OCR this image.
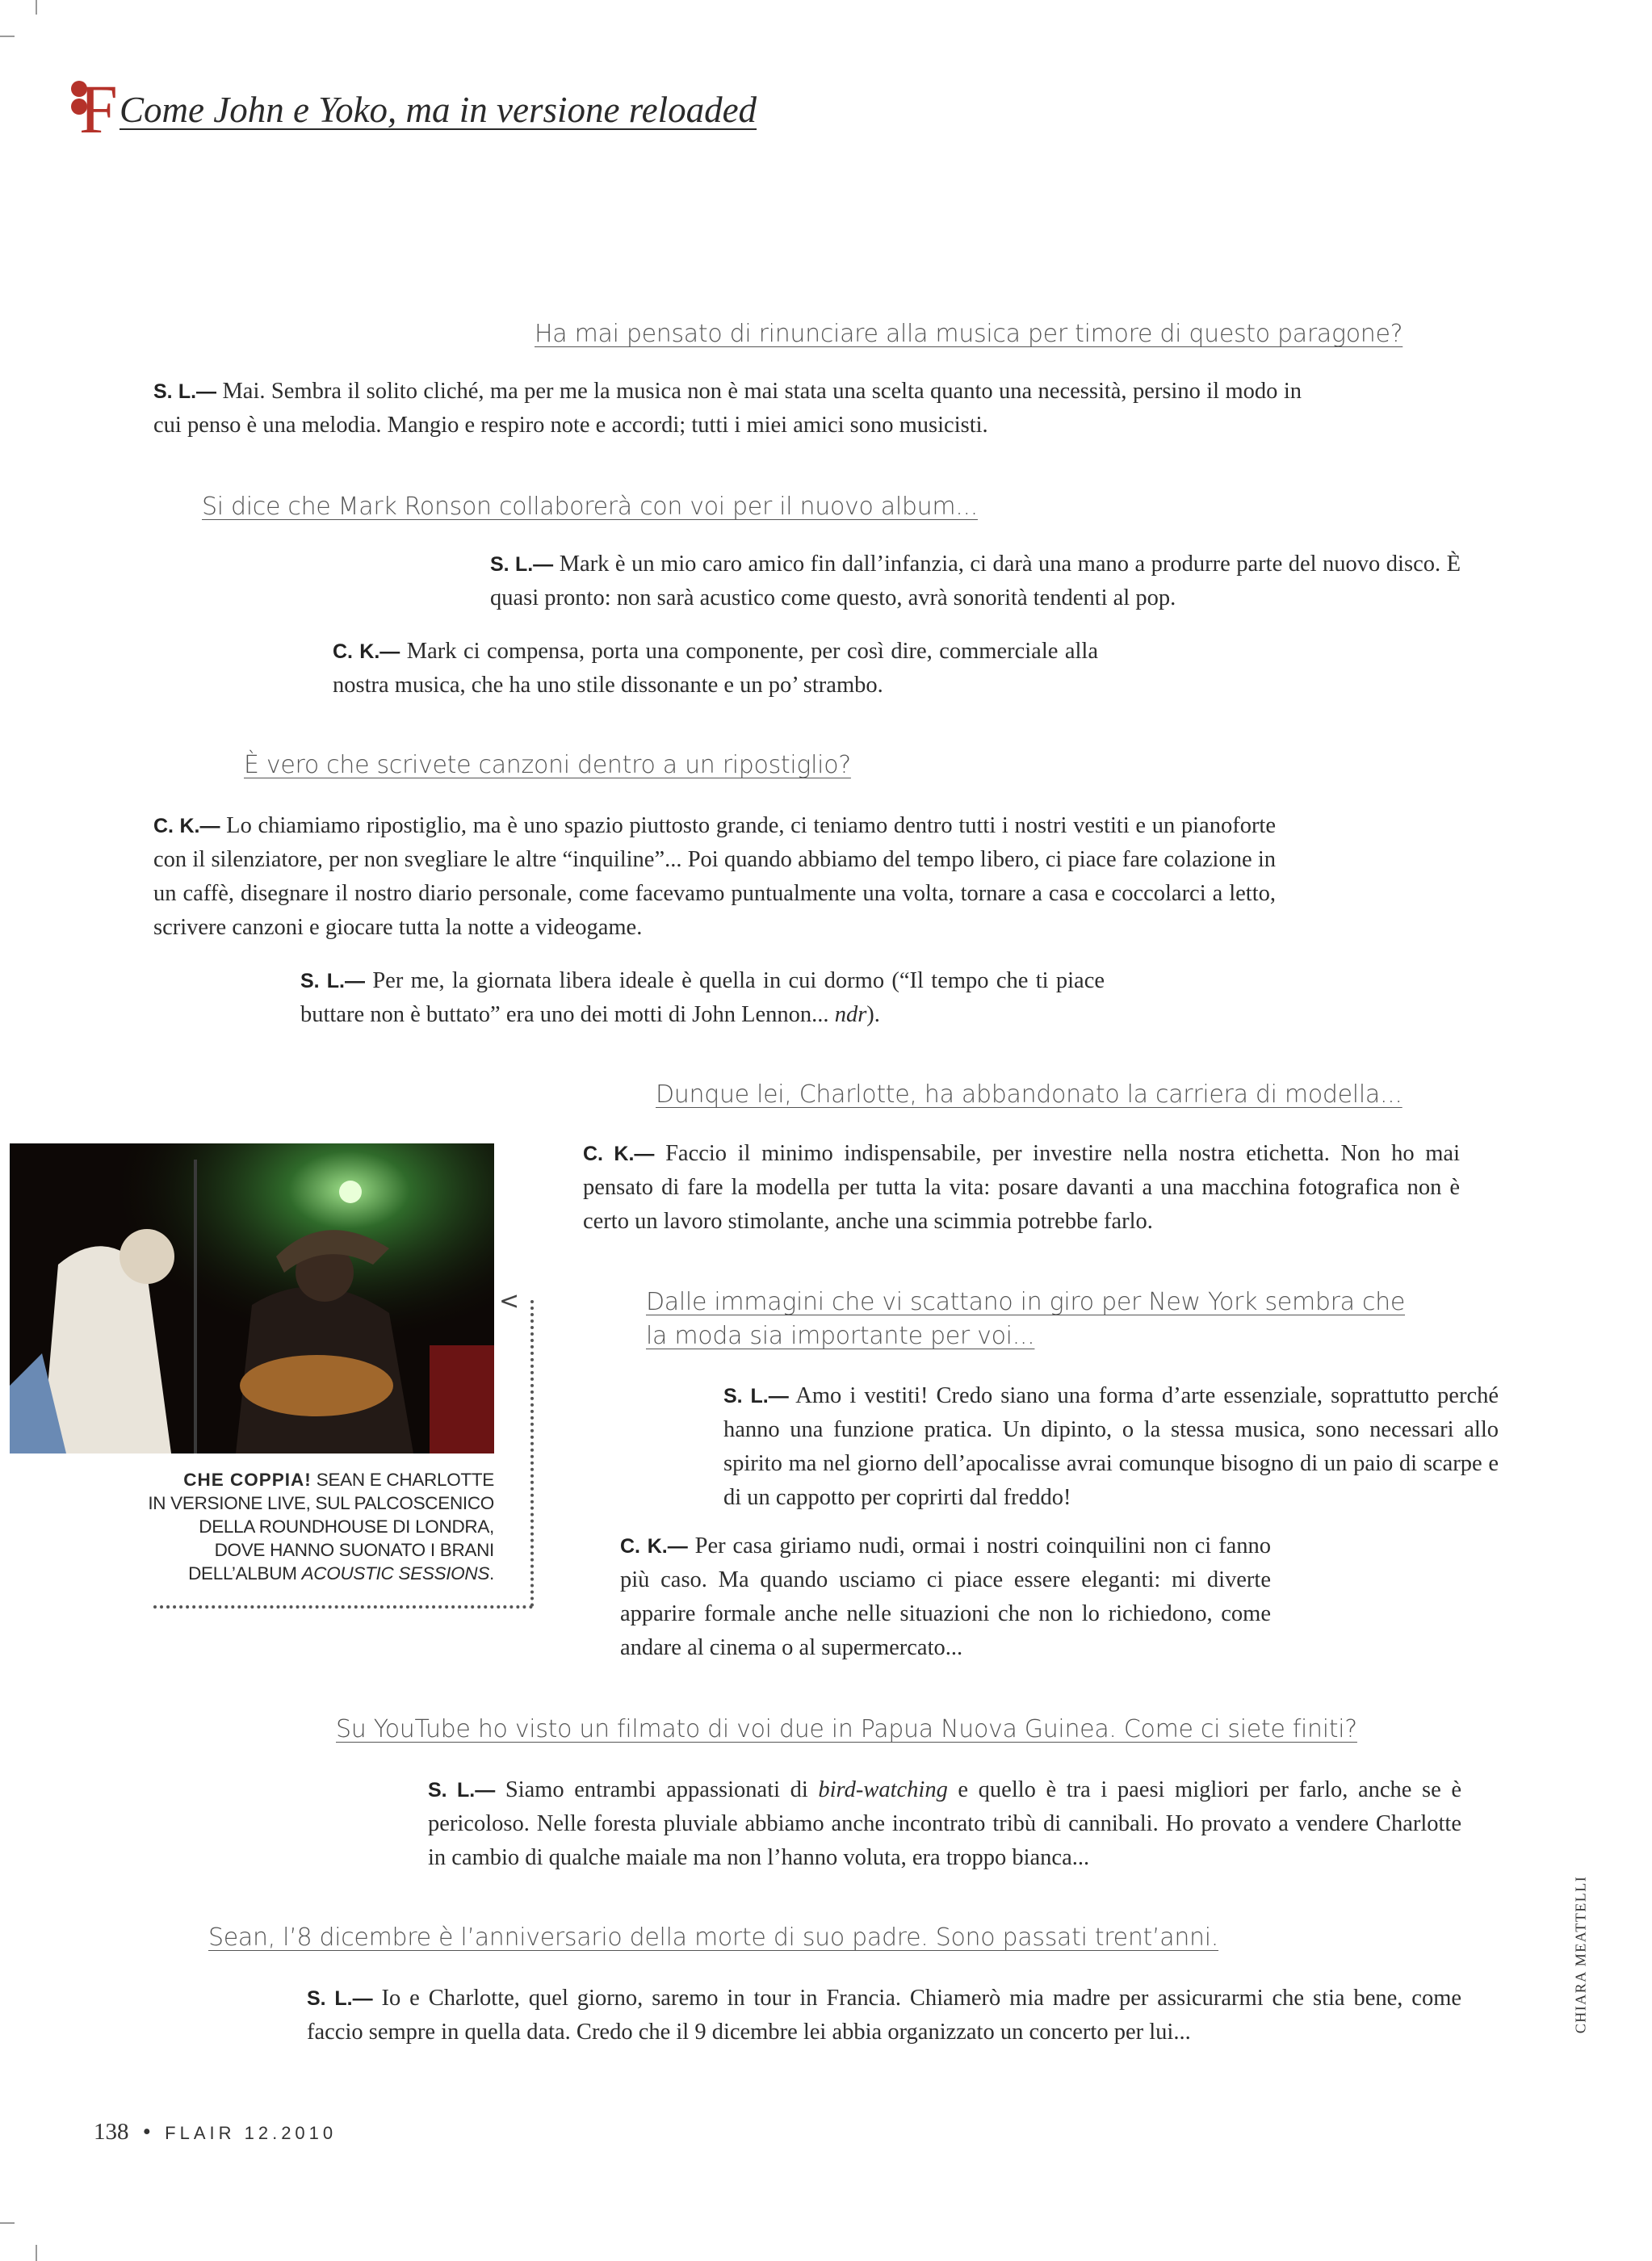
F Come John e Yoko, ma in versione reloaded
Ha mai pensato di rinunciare alla musica per timore di questo paragone?
S. L.— Mai. Sembra il solito cliché, ma per me la musica non è mai stata una scelta quanto una necessità, persino il modo in cui penso è una melodia. Mangio e respiro note e accordi; tutti i miei amici sono musicisti.
Si dice che Mark Ronson collaborerà con voi per il nuovo album...
S. L.— Mark è un mio caro amico fin dall’infanzia, ci darà una mano a produrre parte del nuovo disco. È quasi pronto: non sarà acustico come questo, avrà sonorità tendenti al pop.
C. K.— Mark ci compensa, porta una componente, per così dire, commerciale alla nostra musica, che ha uno stile dissonante e un po’ strambo.
È vero che scrivete canzoni dentro a un ripostiglio?
C. K.— Lo chiamiamo ripostiglio, ma è uno spazio piuttosto grande, ci teniamo dentro tutti i nostri vestiti e un pianoforte con il silenziatore, per non svegliare le altre “inquiline”... Poi quando abbiamo del tempo libero, ci piace fare colazione in un caffè, disegnare il nostro diario personale, come facevamo puntualmente una volta, tornare a casa e coccolarci a letto, scrivere canzoni e giocare tutta la notte a videogame.
S. L.— Per me, la giornata libera ideale è quella in cui dormo (“Il tempo che ti piace buttare non è buttato” era uno dei motti di John Lennon... ndr).
Dunque lei, Charlotte, ha abbandonato la carriera di modella...
C. K.— Faccio il minimo indispensabile, per investire nella nostra etichetta. Non ho mai pensato di fare la modella per tutta la vita: posare davanti a una macchina fotografica non è certo un lavoro stimolante, anche una scimmia potrebbe farlo.
CHE COPPIA! SEAN E CHARLOTTE
IN VERSIONE LIVE, SUL PALCOSCENICO
DELLA ROUNDHOUSE DI LONDRA,
DOVE HANNO SUONATO I BRANI
DELL’ALBUM ACOUSTIC SESSIONS.
<	Dalle immagini che vi scattano in giro per New York sembra che la moda sia importante per voi...
S. L.— Amo i vestiti! Credo siano una forma d’arte essenziale, soprattutto perché hanno una funzione pratica. Un dipinto, o la stessa musica, sono necessari allo spirito ma nel giorno dell’apocalisse avrai comunque bisogno di un paio di scarpe e di un cappotto per coprirti dal freddo!
C. K.— Per casa giriamo nudi, ormai i nostri coinquilini non ci fanno più caso. Ma quando usciamo ci piace essere eleganti: mi diverte apparire formale anche nelle situazioni che non lo richiedono, come andare al cinema o al supermercato...
Su YouTube ho visto un filmato di voi due in Papua Nuova Guinea. Come ci siete finiti?
S. L.— Siamo entrambi appassionati di bird-watching e quello è tra i paesi migliori per farlo, anche se è pericoloso. Nelle foresta pluviale abbiamo anche incontrato tribù di cannibali. Ho provato a vendere Charlotte in cambio di qualche maiale ma non l’hanno voluta, era troppo bianca...
Sean, l’8 dicembre è l’anniversario della morte di suo padre. Sono passati trent’anni.
S. L.— Io e Charlotte, quel giorno, saremo in tour in Francia. Chiamerò mia madre per assicurarmi che stia bene, come faccio sempre in quella data. Credo che il 9 dicembre lei abbia organizzato un concerto per lui...	CHIARA MEATTELLI
138 • FLAIR 12.2010
